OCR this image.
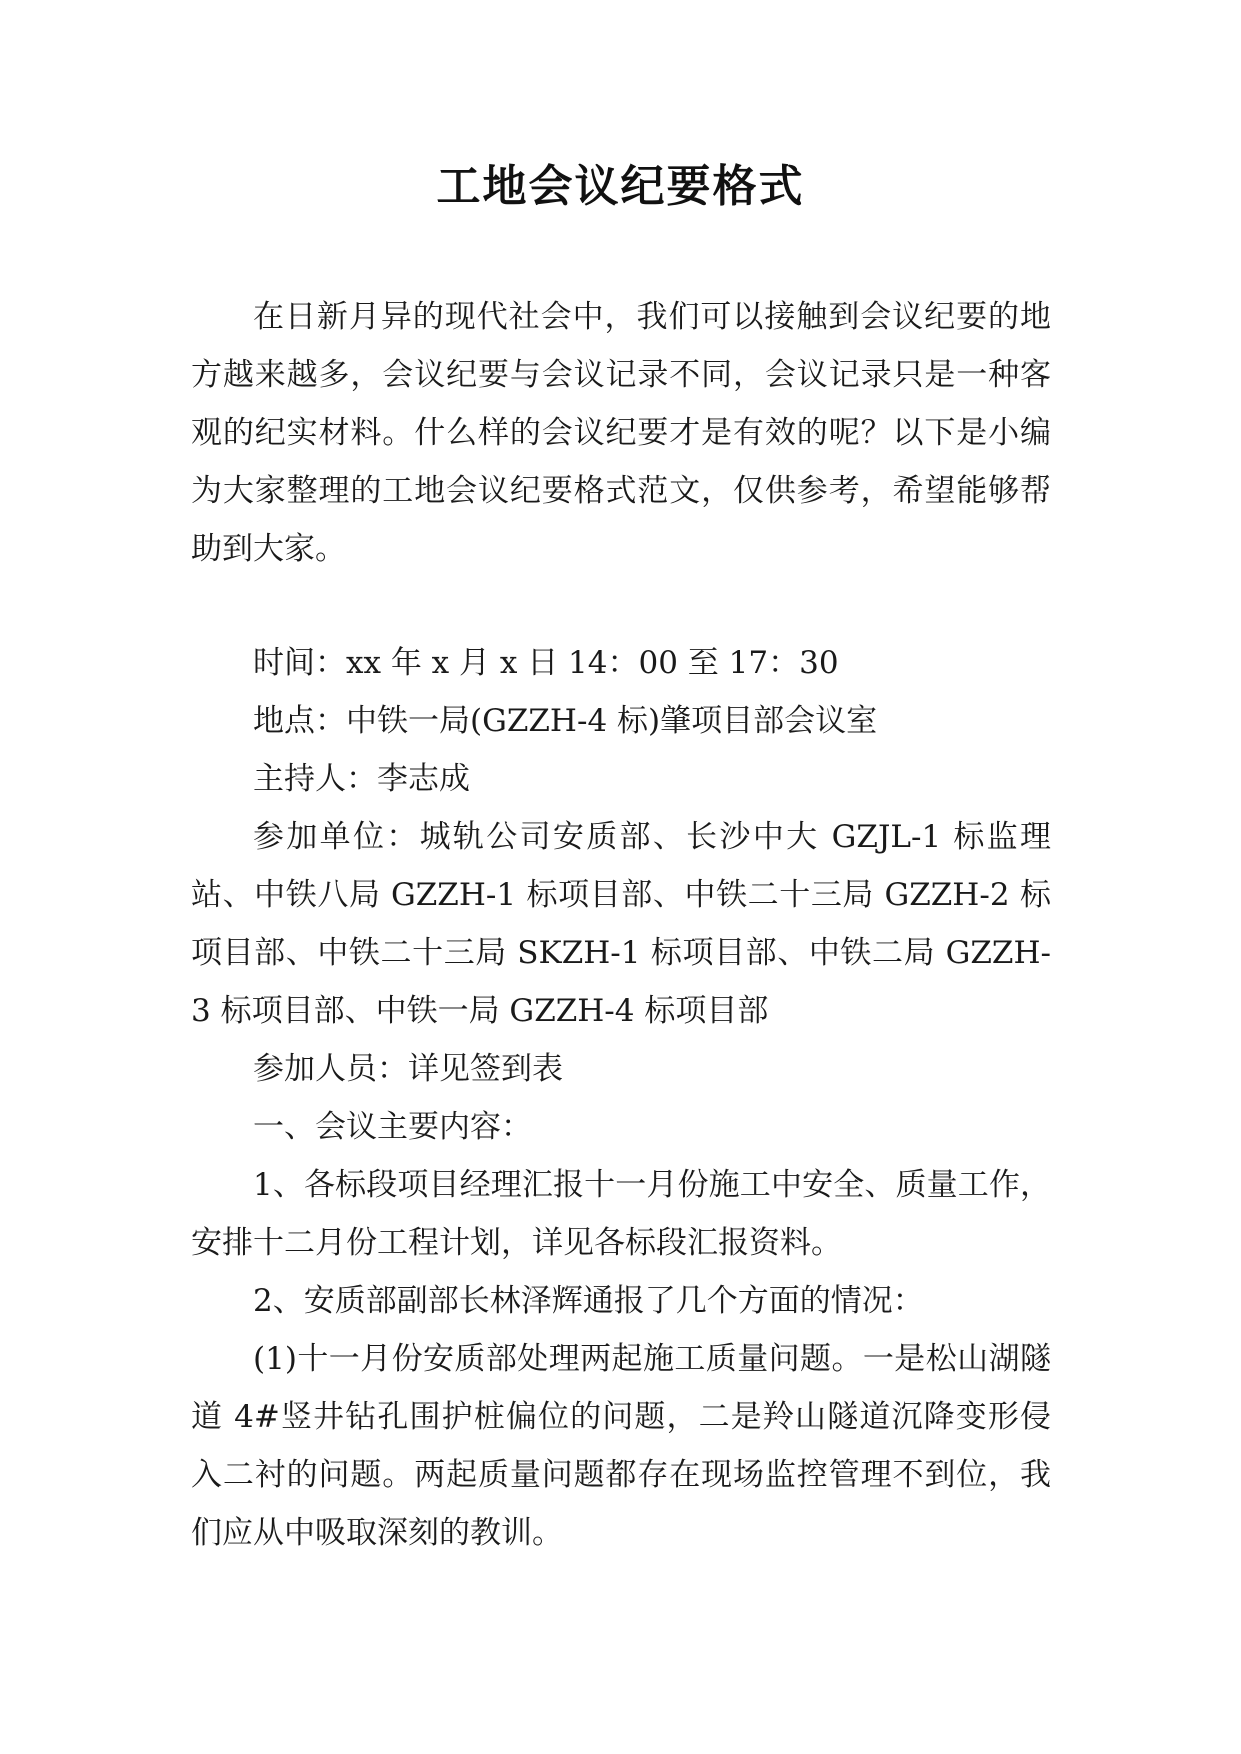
工地会议纪要格式

在日新月异的现代社会中，我们可以接触到会议纪要的地方越来越多，会议纪要与会议记录不同，会议记录只是一种客观的纪实材料。什么样的会议纪要才是有效的呢？以下是小编为大家整理的工地会议纪要格式范文，仅供参考，希望能够帮助到大家。

时间：xx 年 x 月 x 日 14：00 至 17：30

地点：中铁一局(GZZH-4 标)肇项目部会议室

主持人：李志成

参加单位：城轨公司安质部、长沙中大 GZJL-1 标监理站、中铁八局 GZZH-1 标项目部、中铁二十三局 GZZH-2 标项目部、中铁二十三局 SKZH-1 标项目部、中铁二局 GZZH-3 标项目部、中铁一局 GZZH-4 标项目部

参加人员：详见签到表

一、会议主要内容：

1、各标段项目经理汇报十一月份施工中安全、质量工作，安排十二月份工程计划，详见各标段汇报资料。

2、安质部副部长林泽辉通报了几个方面的情况：

(1)十一月份安质部处理两起施工质量问题。一是松山湖隧道 4#竖井钻孔围护桩偏位的问题，二是羚山隧道沉降变形侵入二衬的问题。两起质量问题都存在现场监控管理不到位，我们应从中吸取深刻的教训。
